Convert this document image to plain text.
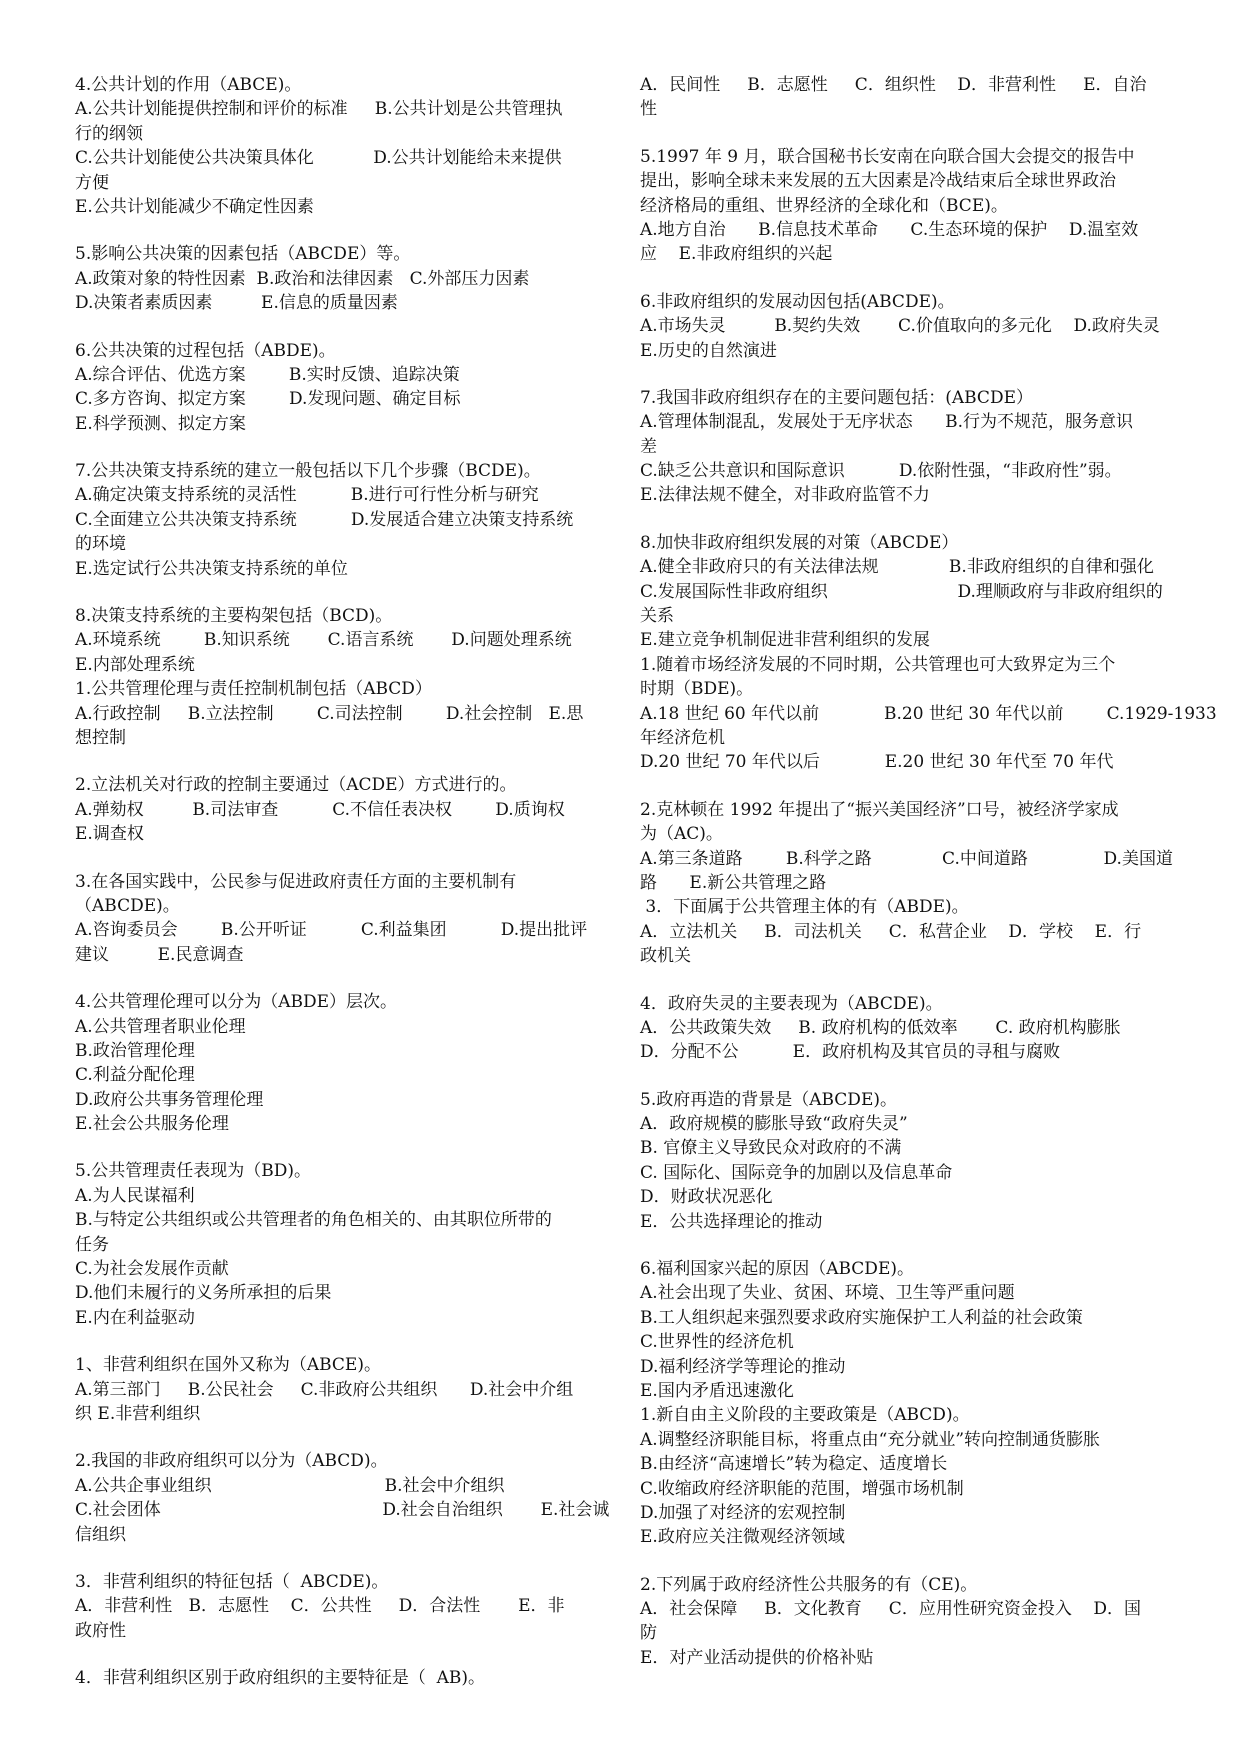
4.公共计划的作用（ABCE)。
A.公共计划能提供控制和评价的标准     B.公共计划是公共管理执
行的纲领
C.公共计划能使公共决策具体化           D.公共计划能给未来提供
方便
E.公共计划能减少不确定性因素
5.影响公共决策的因素包括（ABCDE）等。
A.政策对象的特性因素  B.政治和法律因素   C.外部压力因素
D.决策者素质因素         E.信息的质量因素
6.公共决策的过程包括（ABDE)。
A.综合评估、优选方案        B.实时反馈、追踪决策
C.多方咨询、拟定方案        D.发现问题、确定目标
E.科学预测、拟定方案
7.公共决策支持系统的建立一般包括以下几个步骤（BCDE)。
A.确定决策支持系统的灵活性          B.进行可行性分析与研究
C.全面建立公共决策支持系统          D.发展适合建立决策支持系统
的环境
E.选定试行公共决策支持系统的单位
8.决策支持系统的主要构架包括（BCD)。
A.环境系统        B.知识系统       C.语言系统       D.问题处理系统
E.内部处理系统
1.公共管理伦理与责任控制机制包括（ABCD）
A.行政控制     B.立法控制        C.司法控制        D.社会控制   E.思
想控制
2.立法机关对行政的控制主要通过（ACDE）方式进行的。
A.弹劾权         B.司法审查          C.不信任表决权        D.质询权
E.调查权
3.在各国实践中，公民参与促进政府责任方面的主要机制有
（ABCDE)。
A.咨询委员会        B.公开听证          C.利益集团          D.提出批评
建议         E.民意调查
4.公共管理伦理可以分为（ABDE）层次。
A.公共管理者职业伦理
B.政治管理伦理
C.利益分配伦理
D.政府公共事务管理伦理
E.社会公共服务伦理
5.公共管理责任表现为（BD)。
A.为人民谋福利
B.与特定公共组织或公共管理者的角色相关的、由其职位所带的
任务
C.为社会发展作贡献
D.他们未履行的义务所承担的后果
E.内在利益驱动
1、非营利组织在国外又称为（ABCE)。
A.第三部门     B.公民社会     C.非政府公共组织      D.社会中介组
织 E.非营利组织
2.我国的非政府组织可以分为（ABCD)。
A.公共企事业组织                                B.社会中介组织
C.社会团体                                         D.社会自治组织       E.社会诚
信组织
3．非营利组织的特征包括（  ABCDE)。
A．非营利性   B．志愿性    C．公共性     D．合法性       E．非
政府性
4．非营利组织区别于政府组织的主要特征是（  AB)。
A．民间性     B．志愿性     C．组织性    D．非营利性     E．自治
性
5.1997 年 9 月，联合国秘书长安南在向联合国大会提交的报告中
提出，影响全球未来发展的五大因素是冷战结束后全球世界政治
经济格局的重组、世界经济的全球化和（BCE)。
A.地方自治      B.信息技术革命      C.生态环境的保护    D.温室效
应    E.非政府组织的兴起
6.非政府组织的发展动因包括(ABCDE)。
A.市场失灵         B.契约失效       C.价值取向的多元化    D.政府失灵
E.历史的自然演进
7.我国非政府组织存在的主要问题包括：(ABCDE）
A.管理体制混乱，发展处于无序状态      B.行为不规范，服务意识
差
C.缺乏公共意识和国际意识          D.依附性强，“非政府性”弱。
E.法律法规不健全，对非政府监管不力
8.加快非政府组织发展的对策（ABCDE）
A.健全非政府只的有关法律法规             B.非政府组织的自律和强化
C.发展国际性非政府组织                        D.理顺政府与非政府组织的
关系
E.建立竞争机制促进非营利组织的发展
1.随着市场经济发展的不同时期，公共管理也可大致界定为三个
时期（BDE)。
A.18 世纪 60 年代以前            B.20 世纪 30 年代以前        C.1929-1933
年经济危机
D.20 世纪 70 年代以后            E.20 世纪 30 年代至 70 年代
2.克林顿在 1992 年提出了“振兴美国经济”口号，被经济学家成
为（AC)。
A.第三条道路        B.科学之路             C.中间道路              D.美国道
路      E.新公共管理之路
3．下面属于公共管理主体的有（ABDE)。
A．立法机关     B．司法机关     C．私营企业    D．学校    E．行
政机关
4．政府失灵的主要表现为（ABCDE)。
A．公共政策失效     B. 政府机构的低效率       C. 政府机构膨胀
D．分配不公          E．政府机构及其官员的寻租与腐败
5.政府再造的背景是（ABCDE)。
A．政府规模的膨胀导致“政府失灵”
B. 官僚主义导致民众对政府的不满
C. 国际化、国际竞争的加剧以及信息革命
D．财政状况恶化
E．公共选择理论的推动
6.福利国家兴起的原因（ABCDE)。
A.社会出现了失业、贫困、环境、卫生等严重问题
B.工人组织起来强烈要求政府实施保护工人利益的社会政策
C.世界性的经济危机
D.福利经济学等理论的推动
E.国内矛盾迅速激化
1.新自由主义阶段的主要政策是（ABCD)。
A.调整经济职能目标，将重点由“充分就业”转向控制通货膨胀
B.由经济“高速增长”转为稳定、适度增长
C.收缩政府经济职能的范围，增强市场机制
D.加强了对经济的宏观控制
E.政府应关注微观经济领域
2.下列属于政府经济性公共服务的有（CE)。
A．社会保障     B．文化教育     C．应用性研究资金投入    D．国
防
E．对产业活动提供的价格补贴
